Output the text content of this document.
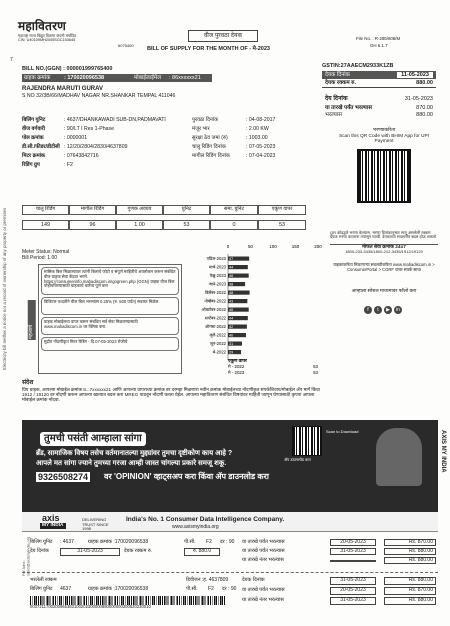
Electricity bill neither a notice nor a record of ownership of any property or premises
महावितरण
महाराष्ट्र राज्य विद्युत वितरण कंपनी मर्यादित
CIN: U40109MH2005SGC153645
6075400
वीज पुरवठा देयक
BILL OF SUPPLY FOR THE MONTH OF - मे-2023
File No. : R-285/608/M
GH 6.1.7
7
BILL NO.(GGN) : 000001999765400	GSTIN:27AAECM2933K1ZB
ग्राहक क्रमांक	: 170020096538	मोबाईल/ईमेल	: 86xxxxxx21
RAJENDRA MARUTI GURAV
S NO 32/3B/66/MADHAV NAGAR NR.SHANKAR TEMPAL 411046
देयक दिनांक	11-05-2023
देयक रक्कम रु.	880.00
देय दिनांक	31-05-2023
या तारखे पर्यंत भरल्यास	870.00
भरल्यास	880.00
बिलिंग युनिट	: 4637/DHANKAWADI SUB-DN,PADMAVATI
वीज वर्गवारी	: 90/LT I Res 1-Phase
पोल क्रमांक	: 0000001
डी.सी./फीडर/डीटीसी : 12/20/2804/2830/4637809
मिटर क्रमांक	: 07643842716
रिडिंग ग्रुप	: F2
पुरवठा दिनांक	: 04-08-2017
मंजूर भार	: 2.00 KW
सुरक्षा ठेव जमा (रु)	: 1003.00
चालु रिडिंग दिनांक	: 07-05-2023
मागील रिडिंग दिनांक	: 07-04-2023
चालु रिडिंग	मागील रिडिंग	गुणक अवयव	युनिट	समा. युनिट	एकूण वापर
149	96	1.00	53	0	53
Meter Status: Normal
Bill Period: 1.00
मासिक बिल मिळाल्यावर त्यांनी बिलाचे फोटो व संपूर्ण माहितीचे अवलोकन करून संबंधित वीज ग्राहक सेवा केंद्रात भरणे.
https://consumerinfo.mahadiscom.in/gogreen.php (GGN) ग्राहक वीज बिल पोहोचविण्यासाठी ग्राहकाचे कर्तव्य पूर्ण करा
डिजिटल पध्दतीने वीज बिल भरल्यास 0.25% (रु. 500 पर्यंत) सवलत मिळेल.
ग्राहक मोबाईलचा वापर करून संबंधित सर्व सेवा मिळवण्यासाठी www.mahadiscom.in वर क्लिक करा.
मुद्रीत नोंदणीकृत मिटर रिडिंग - दि.07-05-2023 रोजीचे
महत्वाचे
0	50	100	150	200
एप्रिल-2023 47
मार्च-2023 44
फेब्रु-2023 46
जाने-2023 38
डिसेंबर-2022 48
नोव्हेंबर-2022 43
ऑक्टोबर-2022 46
सप्टेंबर-2022 44
ऑगस्ट-2022 42
जुलै-2022 40
जून-2022 31
मे-2022 29
एकूण वापर
मे - 2022	53
मे - 2023	53
संदेश
प्रिय ग्राहक, आपल्या मोबाईल क्रमांक 8...7xxxxxx21 आणि आपल्या वापराच्या क्रमांक वर दरमहा मिळणारा नवीन क्रमांक मोबाईलच्या नोंदणीकृत संपर्कशिवाय/मोबाईल ॲप मार्गे किंवा 1912 / 19120 वर नोंदणी करून आपल्या खात्यात बदल करा MREG पाठवून नोंदणी करता येईल. आपल्या महावितरण संबंधित विषयांवर माहिती जाणून घेण्यासाठी कृपया आपला मोबाईल क्रमांक नोंदवा.
भरण्याकरिता
Scan this QR Code with BHIM App for UPI Payment
QR कोडद्वारे भरणा केल्यास, भरणा दिनांकानुसार लागू असलेली रक्कम देयक भरणा करताना तपासून घ्यावी. देयकाच्या सवलतीत बदल होऊ शकतो.
मोफत सेवा क्रमांक 24x7
1800-233-3435/1800-212-3435/1912/19120
ग्राहकांकरिता मिळणाऱ्या सवलतीकरिता www.mahadiscom.in > ConsumerPortal > CGRF यावर संपर्क साधा
आम्हाला सोशल माध्यमावर फॉलो करा
f	t	▶	in
AXIS MY INDIA
तुमची पसंती आम्हाला सांगा
ब्रँड, सामाजिक विषय तसेच वर्तमानातल्या मुद्द्यांवर तुमचा दृष्टीकोण काय आहे ?
आपले मत सांगा ज्याने तुमच्या गरजा आम्ही जास्त चांगल्या प्रकारे समजू शकू.
9326508274 वर 'OPINION' व्हाट्सअप करा किंवा ॲप डाउनलोड करा
Scan to Download
ॲप डाउनलोड करा
axis
MY INDIA
DELIVERING TRUST SINCE 1998
India's No. 1 Consumer Data Intelligence Company.
www.axismyindia.org
For Advt.: sales@axismyindia.org बिलिंग युनिट	: 4637	ग्राहक क्रमांक :170020096538	पी.सी.	F2	दर : 90
देय दिनांक	31-05-2023	देयक रक्कम रु.	रु. 880.0
या तारखे पर्यंत भरल्यास	20-05-2023	Rs. 870.00
या तारखे पर्यंत भरल्यास	31-05-2023	Rs. 880.00
या तारखे नंतर भरल्यास	Rs. 880.00
भरलेली रक्कम	डिवीजन :ह. 4637809
बिलिंग युनिट	4637	ग्राहक क्रमांक :170020096538	पी.सी.	F2	दर : 90
0037211700200965383100202300000880000000200520230010
देयक दिनांक	31-05-2023	Rs. 880.00
या तारखे पर्यंत भरल्यास	20-05-2023	Rs. 870.00
या तारखे नंतर भरल्यास	31-05-2023	Rs. 880.00
